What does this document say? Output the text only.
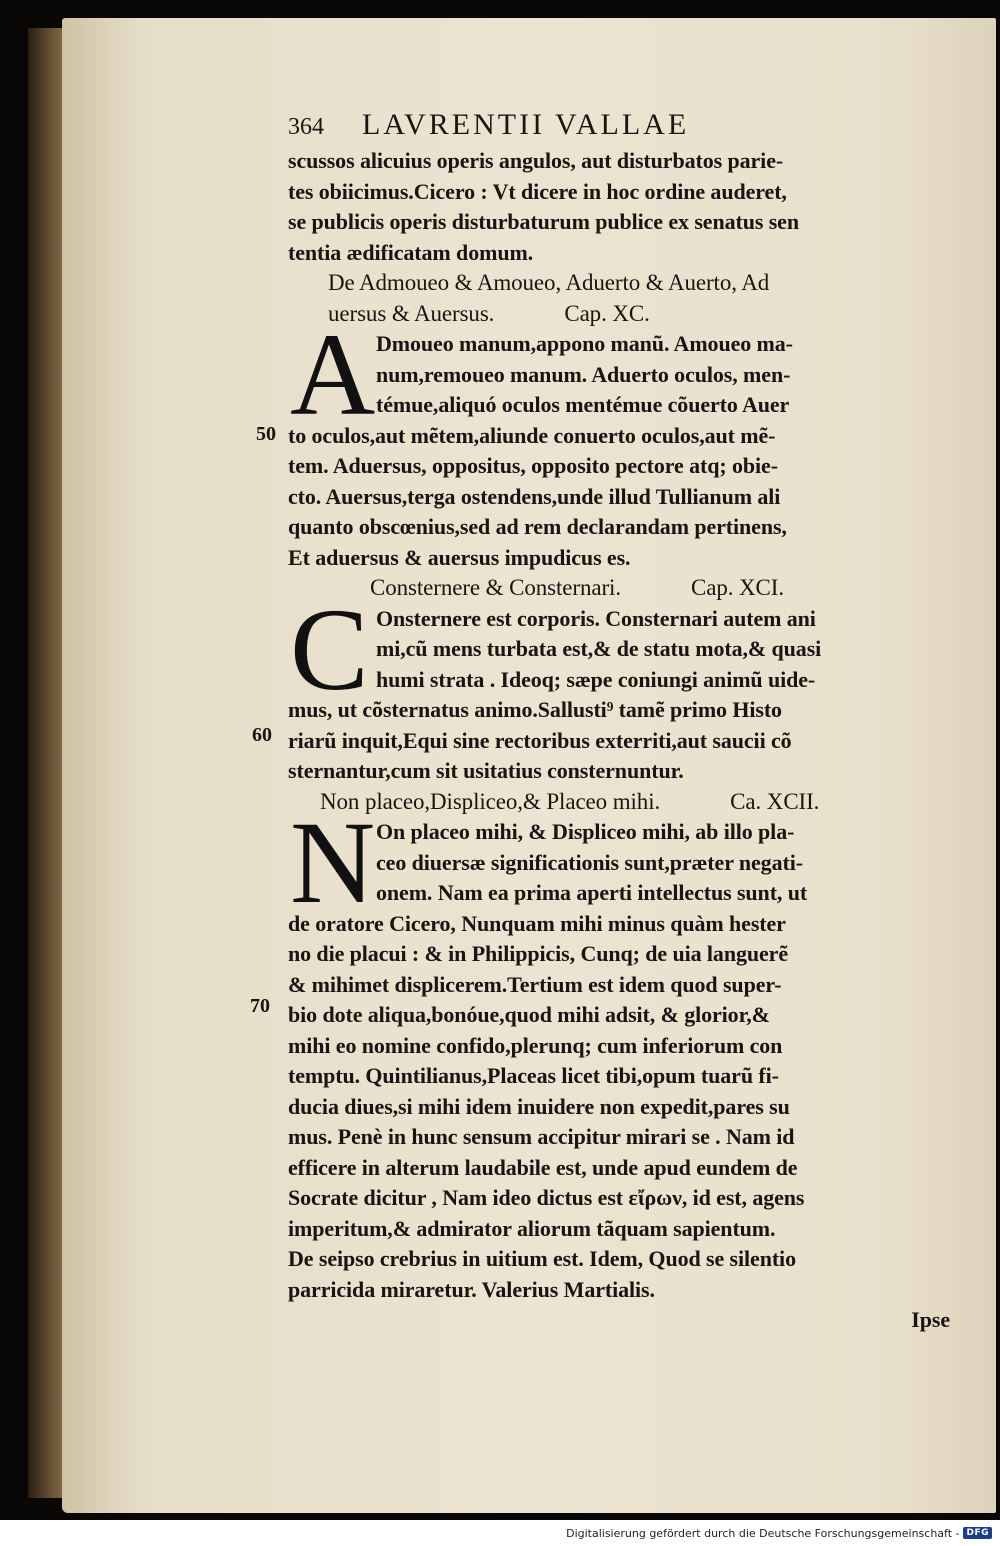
364 LAVRENTII VALLAE
scussos alicuius operis angulos, aut disturbatos parie-
tes obiicimus.Cicero : Vt dicere in hoc ordine auderet,
se publicis operis disturbaturum publice ex senatus sen
tentia ædificatam domum.
De Admoueo & Amoueo, Aduerto & Auerto, Ad
uersus & Auersus.	Cap. XC.
A Dmoueo manum,appono manũ. Amoueo ma-
num,remoueo manum. Aduerto oculos, men-
témue,aliquó oculos mentémue cõuerto Auer
to oculos,aut mẽtem,aliunde conuerto oculos,aut mẽ-
tem. Aduersus, oppositus, opposito pectore atq; obie-
cto. Auersus,terga ostendens,unde illud Tullianum ali
quanto obscœnius,sed ad rem declarandam pertinens,
Et aduersus & auersus impudicus es.
Consternere & Consternari.	Cap. XCI.
C Onsternere est corporis. Consternari autem ani
mi,cũ mens turbata est,& de statu mota,& quasi
humi strata . Ideoq; sæpe coniungi animũ uide-
mus, ut cõsternatus animo.Sallusti⁹ tamẽ primo Histo
riarũ inquit,Equi sine rectoribus exterriti,aut saucii cõ
sternantur,cum sit usitatius consternuntur.
Non placeo,Displiceo,& Placeo mihi.	Ca. XCII.
N On placeo mihi, & Displiceo mihi, ab illo pla-
ceo diuersæ significationis sunt,præter negati-
onem. Nam ea prima aperti intellectus sunt, ut
de oratore Cicero, Nunquam mihi minus quàm hester
no die placui : & in Philippicis, Cunq; de uia languerẽ
& mihimet displicerem.Tertium est idem quod super-
bio dote aliqua,bonóue,quod mihi adsit, & glorior,&
mihi eo nomine confido,plerunq; cum inferiorum con
temptu. Quintilianus,Placeas licet tibi,opum tuarũ fi-
ducia diues,si mihi idem inuidere non expedit,pares su
mus. Penè in hunc sensum accipitur mirari se . Nam id
efficere in alterum laudabile est, unde apud eundem de
Socrate dicitur , Nam ideo dictus est εἴρων, id est, agens
imperitum,& admirator aliorum tãquam sapientum.
De seipso crebrius in uitium est. Idem, Quod se silentio
parricida miraretur. Valerius Martialis.
Ipse
50
60
70
Digitalisierung gefördert durch die Deutsche Forschungsgemeinschaft - DFG
